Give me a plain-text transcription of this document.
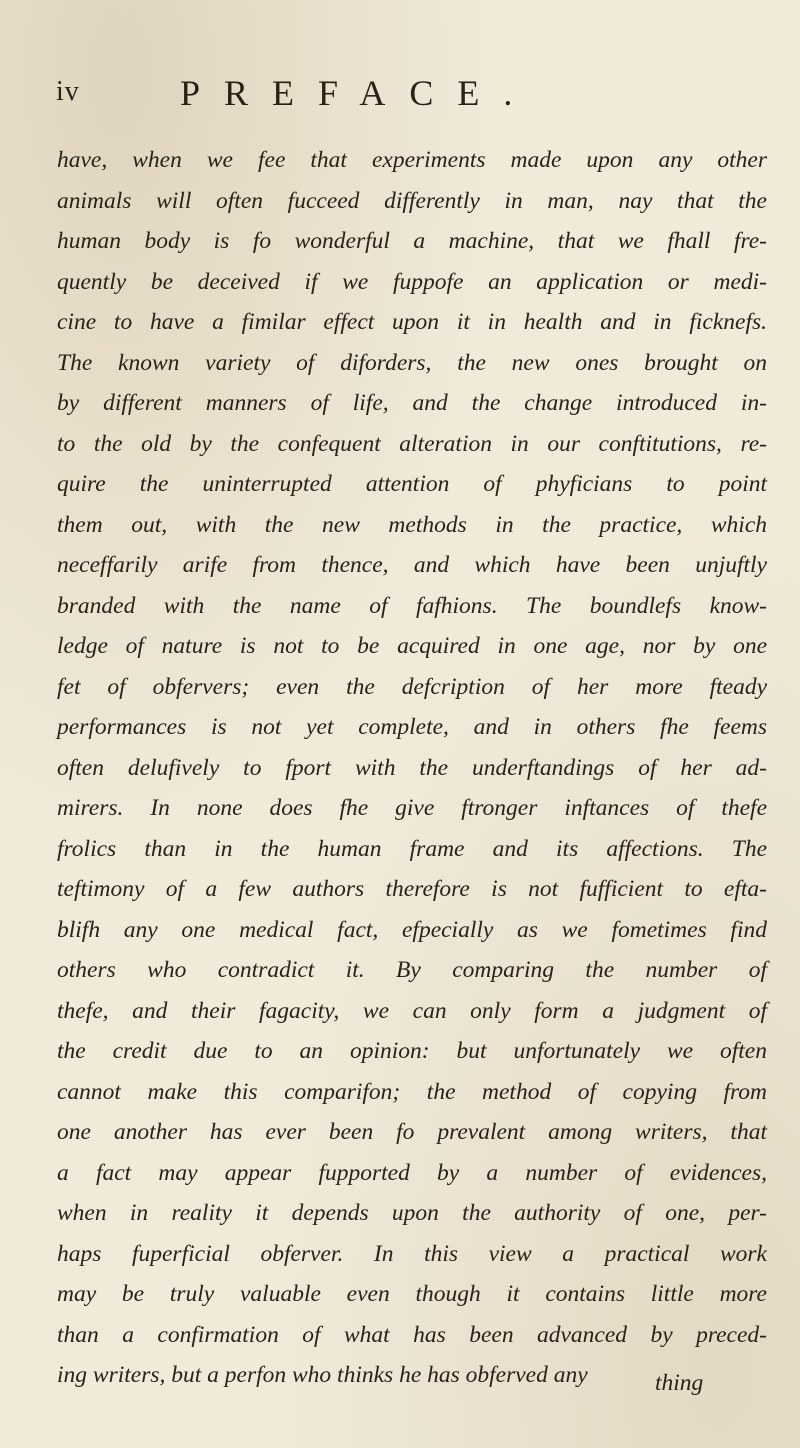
iv	PREFACE.
have, when we fee that experiments made upon any other
animals will often fucceed differently in man, nay that the
human body is fo wonderful a machine, that we fhall fre-
quently be deceived if we fuppofe an application or medi-
cine to have a fimilar effect upon it in health and in ficknefs.
The known variety of diforders, the new ones brought on
by different manners of life, and the change introduced in-
to the old by the confequent alteration in our conftitutions, re-
quire the uninterrupted attention of phyficians to point
them out, with the new methods in the practice, which
neceffarily arife from thence, and which have been unjuftly
branded with the name of fafhions. The boundlefs know-
ledge of nature is not to be acquired in one age, nor by one
fet of obfervers; even the defcription of her more fteady
performances is not yet complete, and in others fhe feems
often delufively to fport with the underftandings of her ad-
mirers. In none does fhe give ftronger inftances of thefe
frolics than in the human frame and its affections. The
teftimony of a few authors therefore is not fufficient to efta-
blifh any one medical fact, efpecially as we fometimes find
others who contradict it. By comparing the number of
thefe, and their fagacity, we can only form a judgment of
the credit due to an opinion: but unfortunately we often
cannot make this comparifon; the method of copying from
one another has ever been fo prevalent among writers, that
a fact may appear fupported by a number of evidences,
when in reality it depends upon the authority of one, per-
haps fuperficial obferver. In this view a practical work
may be truly valuable even though it contains little more
than a confirmation of what has been advanced by preced-
ing writers, but a perfon who thinks he has obferved any	thing
